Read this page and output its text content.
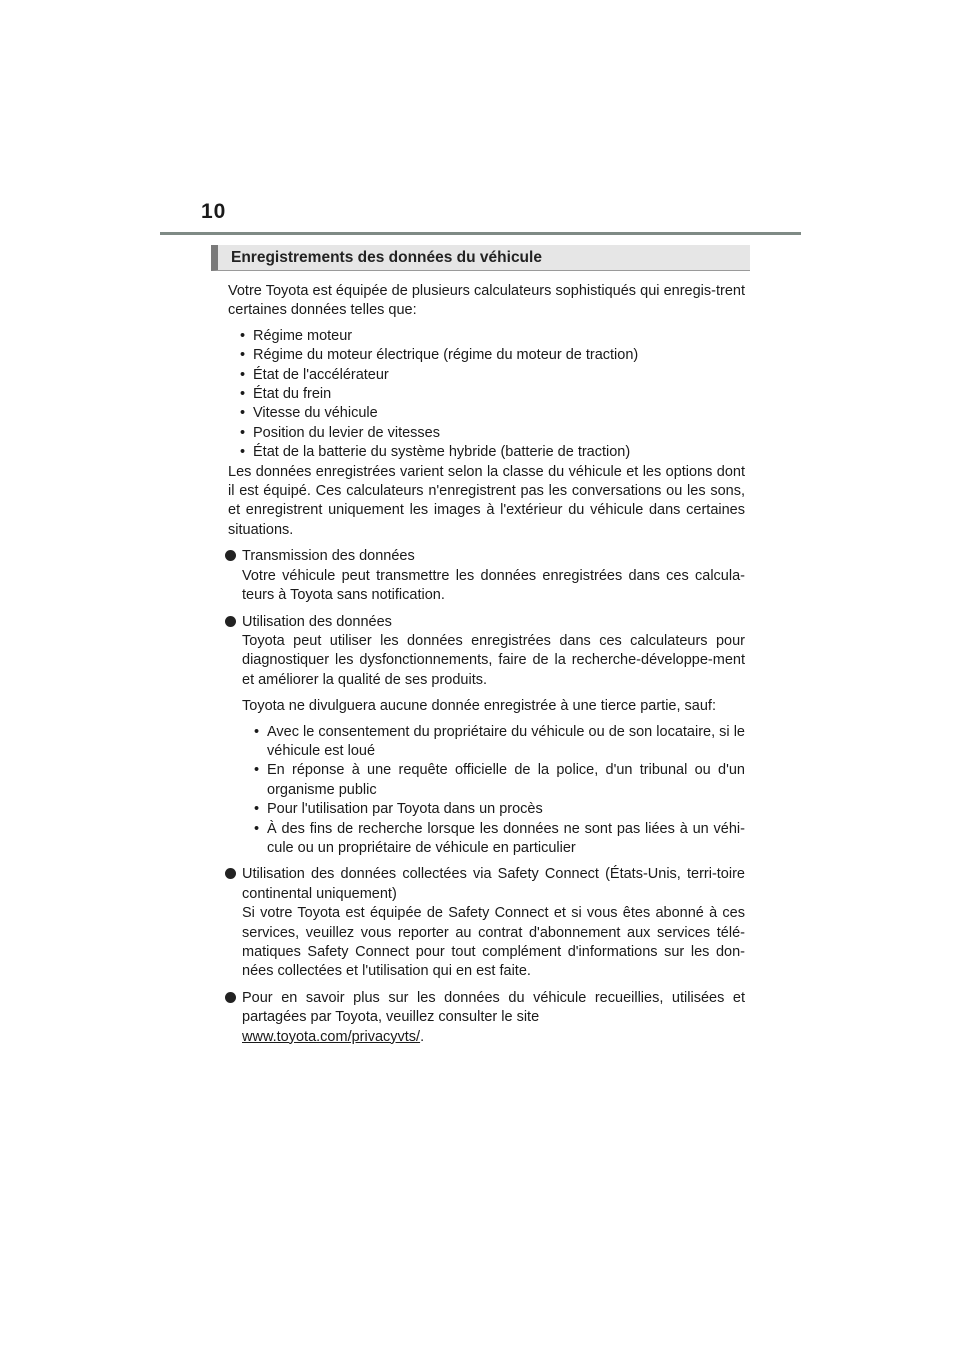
10
Enregistrements des données du véhicule

Votre Toyota est équipée de plusieurs calculateurs sophistiqués qui enregis-trent certaines données telles que:

• Régime moteur
• Régime du moteur électrique (régime du moteur de traction)
• État de l'accélérateur
• État du frein
• Vitesse du véhicule
• Position du levier de vitesses
• État de la batterie du système hybride (batterie de traction)

Les données enregistrées varient selon la classe du véhicule et les options dont il est équipé. Ces calculateurs n'enregistrent pas les conversations ou les sons, et enregistrent uniquement les images à l'extérieur du véhicule dans certaines situations.

Transmission des données
Votre véhicule peut transmettre les données enregistrées dans ces calcula-teurs à Toyota sans notification.
Utilisation des données
Toyota peut utiliser les données enregistrées dans ces calculateurs pour diagnostiquer les dysfonctionnements, faire de la recherche-développe-ment et améliorer la qualité de ses produits.

Toyota ne divulguera aucune donnée enregistrée à une tierce partie, sauf:

• Avec le consentement du propriétaire du véhicule ou de son locataire, si le véhicule est loué
• En réponse à une requête officielle de la police, d'un tribunal ou d'un organisme public
• Pour l'utilisation par Toyota dans un procès
• À des fins de recherche lorsque les données ne sont pas liées à un véhi-cule ou un propriétaire de véhicule en particulier
Utilisation des données collectées via Safety Connect (États-Unis, terri-toire continental uniquement)
Si votre Toyota est équipée de Safety Connect et si vous êtes abonné à ces services, veuillez vous reporter au contrat d'abonnement aux services télé-matiques Safety Connect pour tout complément d'informations sur les don-nées collectées et l'utilisation qui en est faite.
Pour en savoir plus sur les données du véhicule recueillies, utilisées et partagées par Toyota, veuillez consulter le site
www.toyota.com/privacyvts/.
